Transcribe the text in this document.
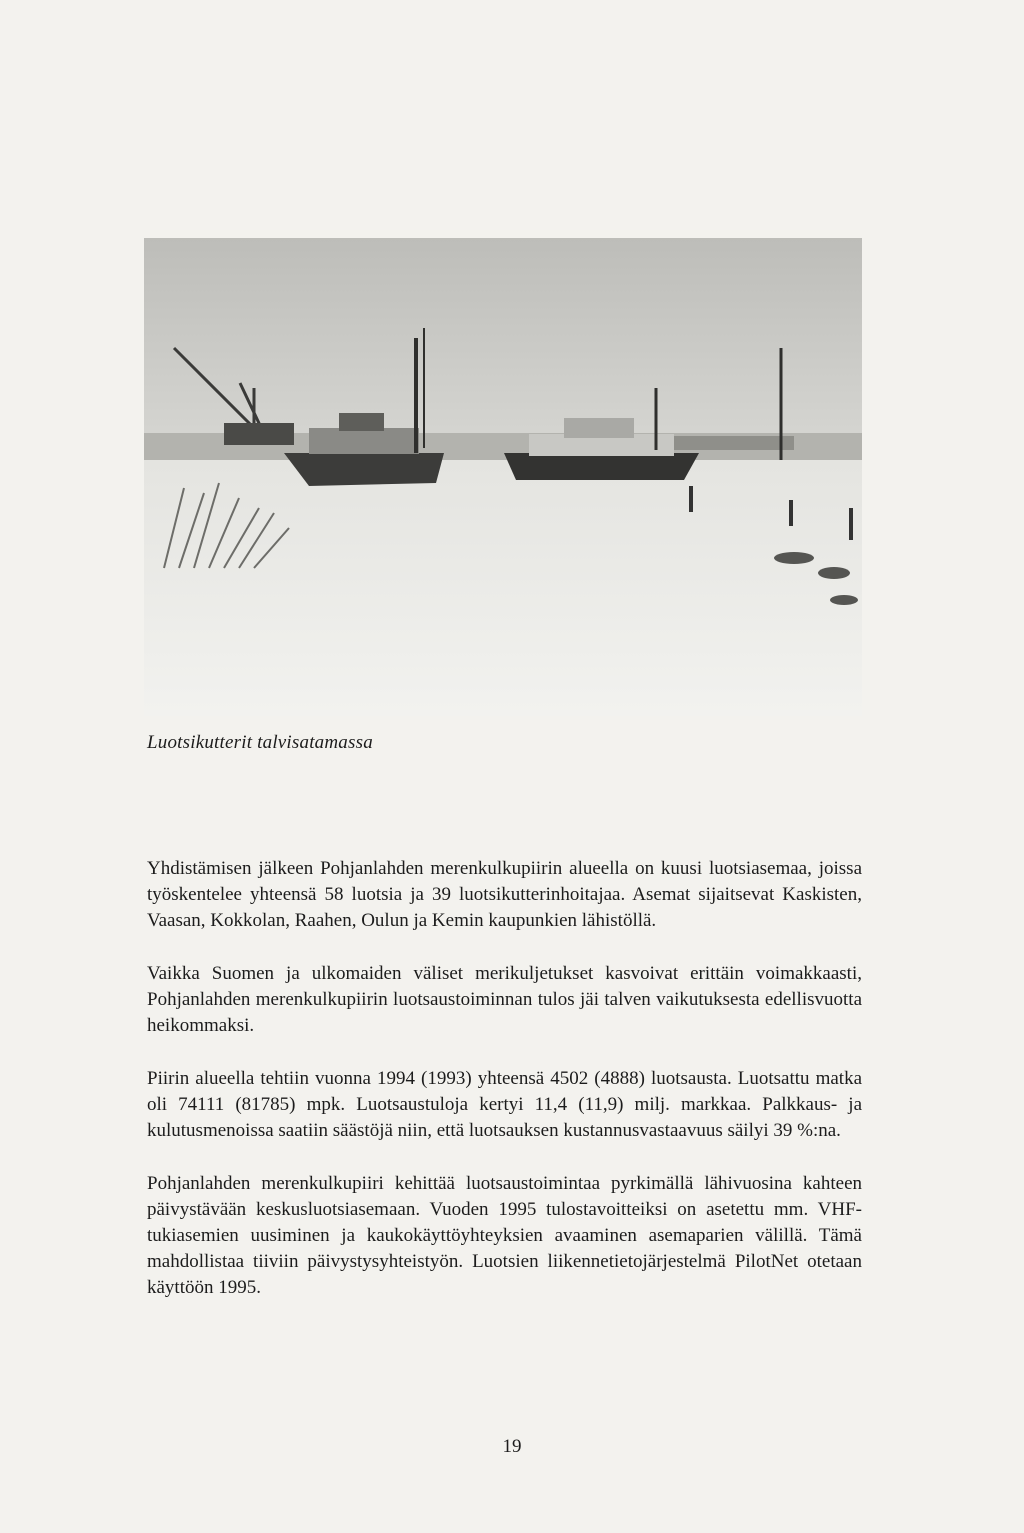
Luotsikutterit talvisatamassa

Yhdistämisen jälkeen Pohjanlahden merenkulkupiirin alueella on kuusi luotsiasemaa, joissa työskentelee yhteensä 58 luotsia ja 39 luotsikutterinhoitajaa. Asemat sijaitsevat Kaskisten, Vaasan, Kokkolan, Raahen, Oulun ja Kemin kaupunkien lähistöllä.

Vaikka Suomen ja ulkomaiden väliset merikuljetukset kasvoivat erittäin voimakkaasti, Pohjanlahden merenkulkupiirin luotsaustoiminnan tulos jäi talven vaikutuksesta edellisvuotta heikommaksi.

Piirin alueella tehtiin vuonna 1994 (1993) yhteensä 4502 (4888) luotsausta. Luotsattu matka oli 74111 (81785) mpk. Luotsaustuloja kertyi 11,4 (11,9) milj. markkaa. Palkkaus- ja kulutusmenoissa saatiin säästöjä niin, että luotsauksen kustannusvastaavuus säilyi 39 %:na.

Pohjanlahden merenkulkupiiri kehittää luotsaustoimintaa pyrkimällä lähivuosina kahteen päivystävään keskusluotsiasemaan. Vuoden 1995 tulostavoitteiksi on asetettu mm. VHF-tukiasemien uusiminen ja kaukokäyttöyhteyksien avaaminen asemaparien välillä. Tämä mahdollistaa tiiviin päivystysyhteistyön. Luotsien liikennetietojärjestelmä PilotNet otetaan käyttöön 1995.

19
